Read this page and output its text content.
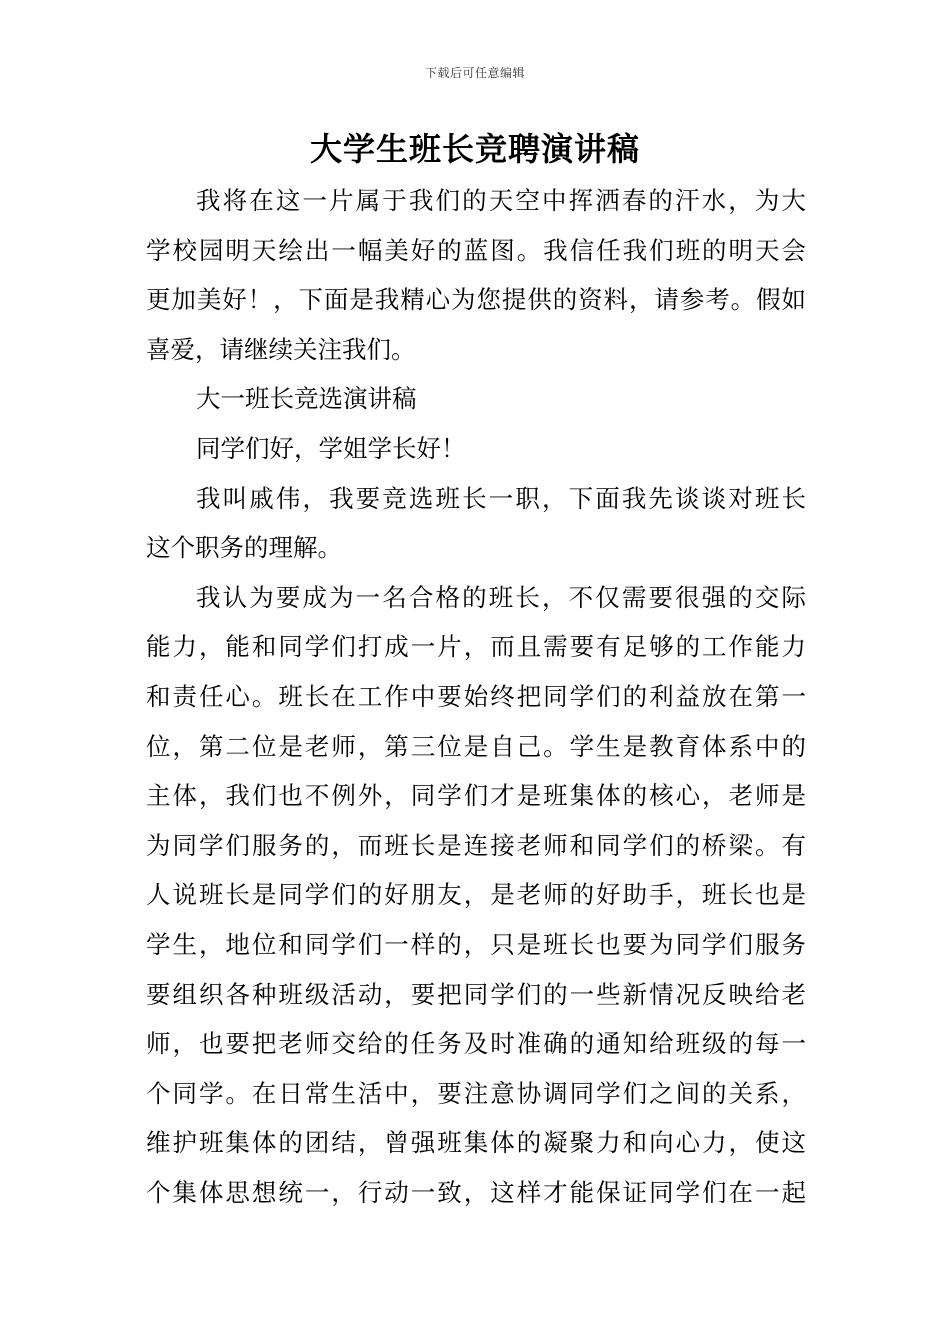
下载后可任意编辑
大学生班长竞聘演讲稿
我将在这一片属于我们的天空中挥洒春的汗水，为大
学校园明天绘出一幅美好的蓝图。我信任我们班的明天会
更加美好！，下面是我精心为您提供的资料，请参考。假如
喜爱，请继续关注我们。
大一班长竞选演讲稿
同学们好，学姐学长好！
我叫戚伟，我要竞选班长一职，下面我先谈谈对班长
这个职务的理解。
我认为要成为一名合格的班长，不仅需要很强的交际
能力，能和同学们打成一片，而且需要有足够的工作能力
和责任心。班长在工作中要始终把同学们的利益放在第一
位，第二位是老师，第三位是自己。学生是教育体系中的
主体，我们也不例外，同学们才是班集体的核心，老师是
为同学们服务的，而班长是连接老师和同学们的桥梁。有
人说班长是同学们的好朋友，是老师的好助手，班长也是
学生，地位和同学们一样的，只是班长也要为同学们服务
要组织各种班级活动，要把同学们的一些新情况反映给老
师，也要把老师交给的任务及时准确的通知给班级的每一
个同学。在日常生活中，要注意协调同学们之间的关系，
维护班集体的团结，曾强班集体的凝聚力和向心力，使这
个集体思想统一，行动一致，这样才能保证同学们在一起
